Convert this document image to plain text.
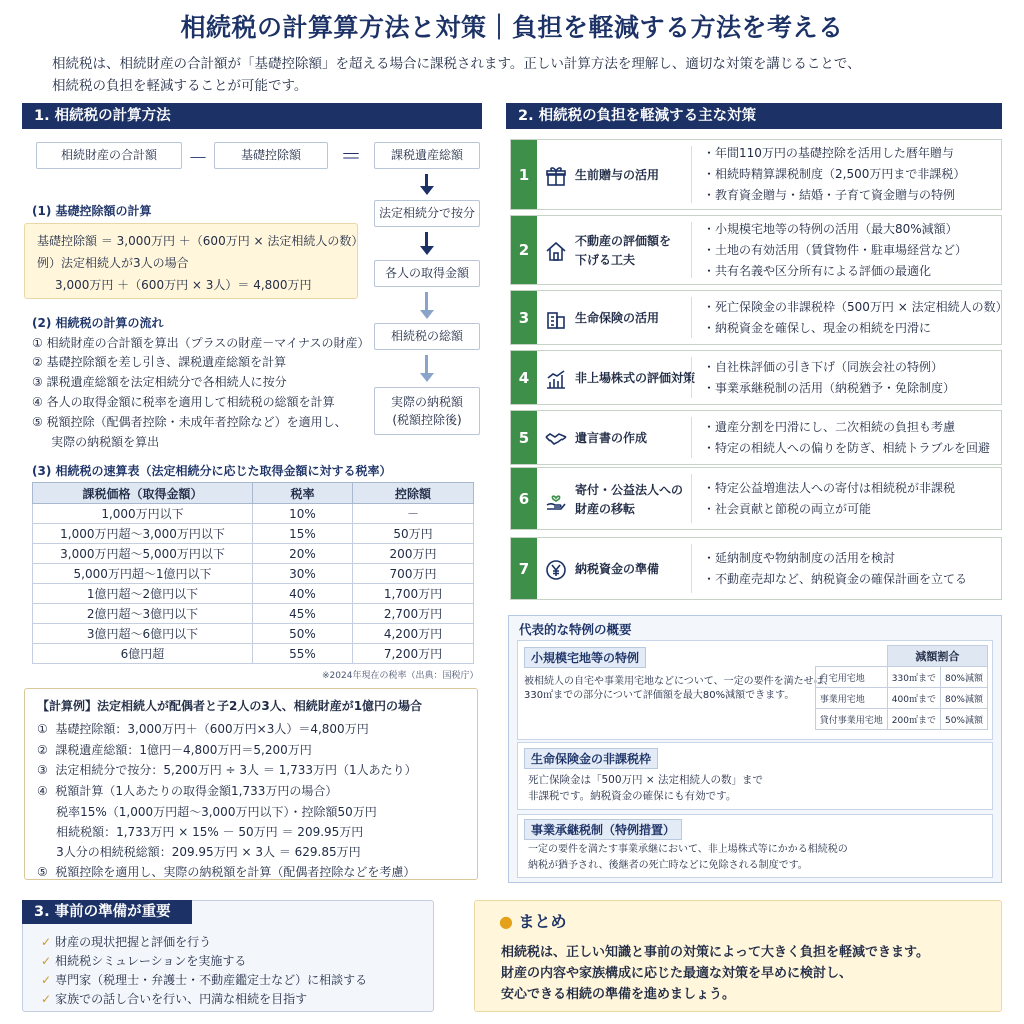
相続税の計算算方法と対策｜負担を軽減する方法を考える
相続税は、相続財産の合計額が「基礎控除額」を超える場合に課税されます。正しい計算方法を理解し、適切な対策を講じることで、
相続税の負担を軽減することが可能です。
1. 相続税の計算方法
相続財産の合計額	－	基礎控除額	＝	課税遺産総額
法定相続分で按分
各人の取得金額
相続税の総額
実際の納税額
(税額控除後)
(1) 基礎控除額の計算
基礎控除額 ＝ 3,000万円 ＋（600万円 × 法定相続人の数）
例）法定相続人が3人の場合
3,000万円 ＋（600万円 × 3人）＝ 4,800万円
(2) 相続税の計算の流れ
① 相続財産の合計額を算出（プラスの財産－マイナスの財産）
② 基礎控除額を差し引き、課税遺産総額を計算
③ 課税遺産総額を法定相続分で各相続人に按分
④ 各人の取得金額に税率を適用して相続税の総額を計算
⑤ 税額控除（配偶者控除・未成年者控除など）を適用し、
実際の納税額を算出
(3) 相続税の速算表（法定相続分に応じた取得金額に対する税率）
課税価格（取得金額）	税率	控除額
1,000万円以下	10%	－
1,000万円超～3,000万円以下	15%	50万円
3,000万円超～5,000万円以下	20%	200万円
5,000万円超～1億円以下	30%	700万円
1億円超～2億円以下	40%	1,700万円
2億円超～3億円以下	45%	2,700万円
3億円超～6億円以下	50%	4,200万円
6億円超	55%	7,200万円
※2024年現在の税率（出典：国税庁）
【計算例】法定相続人が配偶者と子2人の3人、相続財産が1億円の場合
①  基礎控除額：3,000万円＋（600万円×3人）＝4,800万円
②  課税遺産総額：1億円－4,800万円＝5,200万円
③  法定相続分で按分：5,200万円 ÷ 3人 ＝ 1,733万円（1人あたり）
④  税額計算（1人あたりの取得金額1,733万円の場合）
税率15%（1,000万円超～3,000万円以下）・控除額50万円
相続税額：1,733万円 × 15% － 50万円 ＝ 209.95万円
3人分の相続税総額：209.95万円 × 3人 ＝ 629.85万円
⑤  税額控除を適用し、実際の納税額を計算（配偶者控除などを考慮）
2. 相続税の負担を軽減する主な対策
1	生前贈与の活用
・年間110万円の基礎控除を活用した暦年贈与
・相続時精算課税制度（2,500万円まで非課税）
・教育資金贈与・結婚・子育て資金贈与の特例
2	不動産の評価額を
下げる工夫
・小規模宅地等の特例の活用（最大80%減額）
・土地の有効活用（賃貸物件・駐車場経営など）
・共有名義や区分所有による評価の最適化
3	生命保険の活用
・死亡保険金の非課税枠（500万円 × 法定相続人の数）
・納税資金を確保し、現金の相続を円滑に
4	非上場株式の評価対策
・自社株評価の引き下げ（同族会社の特例）
・事業承継税制の活用（納税猶予・免除制度）
5	遺言書の作成
・遺産分割を円滑にし、二次相続の負担も考慮
・特定の相続人への偏りを防ぎ、相続トラブルを回避
6	寄付・公益法人への
財産の移転
・特定公益増進法人への寄付は相続税が非課税
・社会貢献と節税の両立が可能
7	納税資金の準備
・延納制度や物納制度の活用を検討
・不動産売却など、納税資金の確保計画を立てる
代表的な特例の概要
小規模宅地等の特例
被相続人の自宅や事業用宅地などについて、一定の要件を満たせば、
330㎡までの部分について評価額を最大80%減額できます。
	減額割合	
自宅用宅地	330㎡まで	80%減額
事業用宅地	400㎡まで	80%減額
貸付事業用宅地	200㎡まで	50%減額
生命保険金の非課税枠
死亡保険金は「500万円 × 法定相続人の数」まで
非課税です。納税資金の確保にも有効です。
事業承継税制（特例措置）
一定の要件を満たす事業承継において、非上場株式等にかかる相続税の
納税が猶予され、後継者の死亡時などに免除される制度です。
3. 事前の準備が重要
✓ 財産の現状把握と評価を行う
✓ 相続税シミュレーションを実施する
✓ 専門家（税理士・弁護士・不動産鑑定士など）に相談する
✓ 家族での話し合いを行い、円満な相続を目指す
● まとめ
相続税は、正しい知識と事前の対策によって大きく負担を軽減できます。
財産の内容や家族構成に応じた最適な対策を早めに検討し、
安心できる相続の準備を進めましょう。
